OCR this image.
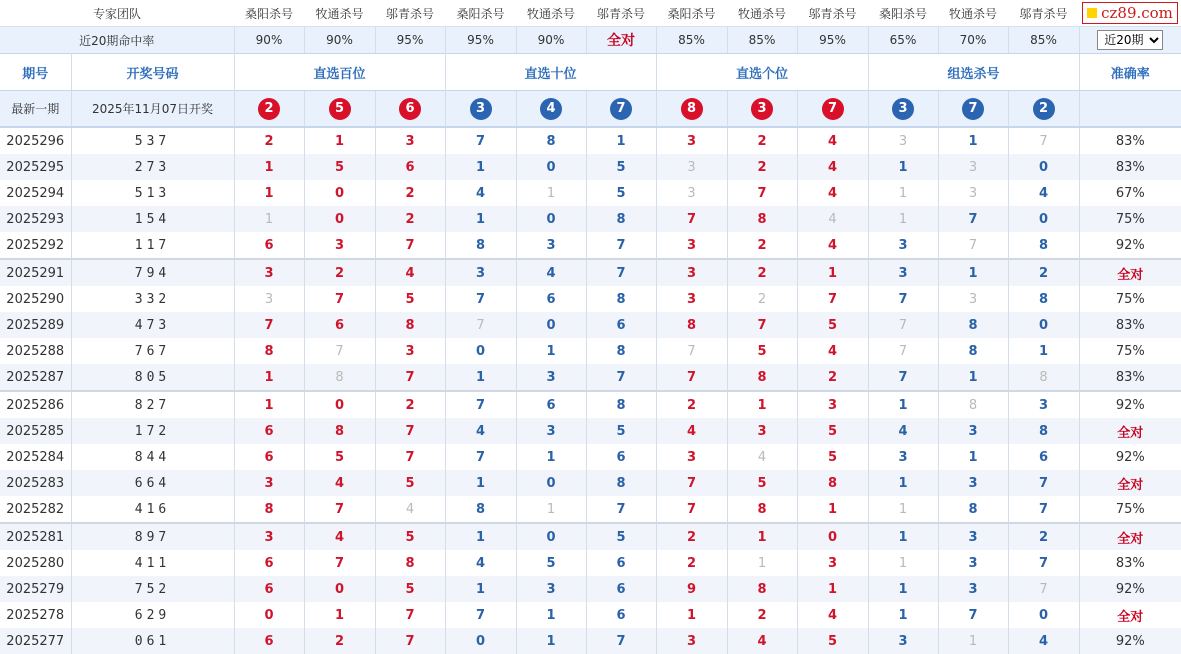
专家团队		桑阳杀号	牧通杀号	邬青杀号	桑阳杀号	牧通杀号	邬青杀号	桑阳杀号	牧通杀号	邬青杀号	桑阳杀号	牧通杀号	邬青杀号	cz89.com

近20期命中率		90%	90%	95%	95%	90%	全对	85%	85%	95%	65%	70%	85%	
近20期
期号	开奖号码	直选百位			直选十位			直选个位			组选杀号			准确率
最新一期	2025年11月07日开奖	2	5	6	3	4	7	8	3	7	3	7	2	
2025296	537	2	1	3	7	8	1	3	2	4	3	1	7	83%
2025295	273	1	5	6	1	0	5	3	2	4	1	3	0	83%
2025294	513	1	0	2	4	1	5	3	7	4	1	3	4	67%
2025293	154	1	0	2	1	0	8	7	8	4	1	7	0	75%
2025292	117	6	3	7	8	3	7	3	2	4	3	7	8	92%
2025291	794	3	2	4	3	4	7	3	2	1	3	1	2	全对
2025290	332	3	7	5	7	6	8	3	2	7	7	3	8	75%
2025289	473	7	6	8	7	0	6	8	7	5	7	8	0	83%
2025288	767	8	7	3	0	1	8	7	5	4	7	8	1	75%
2025287	805	1	8	7	1	3	7	7	8	2	7	1	8	83%
2025286	827	1	0	2	7	6	8	2	1	3	1	8	3	92%
2025285	172	6	8	7	4	3	5	4	3	5	4	3	8	全对
2025284	844	6	5	7	7	1	6	3	4	5	3	1	6	92%
2025283	664	3	4	5	1	0	8	7	5	8	1	3	7	全对
2025282	416	8	7	4	8	1	7	7	8	1	1	8	7	75%
2025281	897	3	4	5	1	0	5	2	1	0	1	3	2	全对
2025280	411	6	7	8	4	5	6	2	1	3	1	3	7	83%
2025279	752	6	0	5	1	3	6	9	8	1	1	3	7	92%
2025278	629	0	1	7	7	1	6	1	2	4	1	7	0	全对
2025277	061	6	2	7	0	1	7	3	4	5	3	1	4	92%
